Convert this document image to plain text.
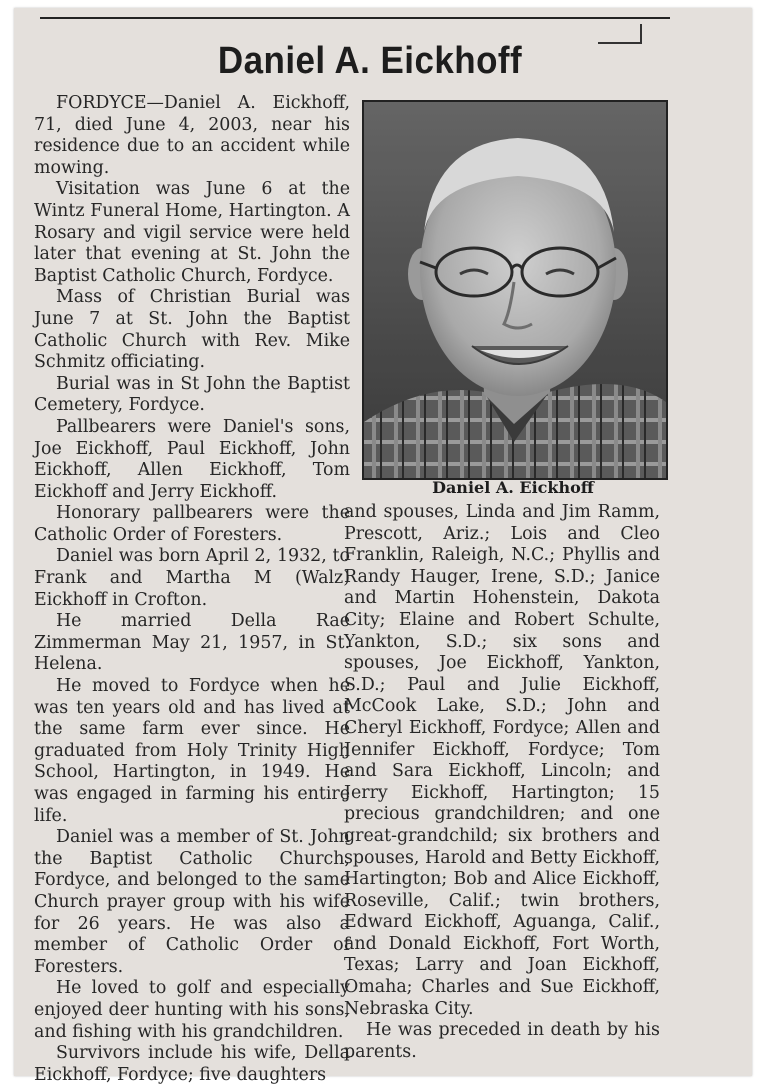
Daniel A. Eickhoff

FORDYCE—Daniel A. Eickhoff, 71, died June 4, 2003, near his residence due to an accident while mowing.

Visitation was June 6 at the Wintz Funeral Home, Hartington. A Rosary and vigil service were held later that evening at St. John the Baptist Catholic Church, Fordyce.

Mass of Christian Burial was June 7 at St. John the Baptist Catholic Church with Rev. Mike Schmitz officiating.

Burial was in St John the Baptist Cemetery, Fordyce.

Pallbearers were Daniel's sons, Joe Eickhoff, Paul Eickhoff, John Eickhoff, Allen Eickhoff, Tom Eickhoff and Jerry Eickhoff.

Honorary pallbearers were the Catholic Order of Foresters.

Daniel was born April 2, 1932, to Frank and Martha M (Walz) Eickhoff in Crofton.

He married Della Rae Zimmerman May 21, 1957, in St. Helena.

He moved to Fordyce when he was ten years old and has lived at the same farm ever since. He graduated from Holy Trinity High School, Hartington, in 1949. He was engaged in farming his entire life.

Daniel was a member of St. John the Baptist Catholic Church, Fordyce, and belonged to the same Church prayer group with his wife for 26 years. He was also a member of Catholic Order of Foresters.

He loved to golf and especially enjoyed deer hunting with his sons, and fishing with his grandchildren.

Survivors include his wife, Della Eickhoff, Fordyce; five daughters

Daniel A. Eickhoff

and spouses, Linda and Jim Ramm, Prescott, Ariz.; Lois and Cleo Franklin, Raleigh, N.C.; Phyllis and Randy Hauger, Irene, S.D.; Janice and Martin Hohenstein, Dakota City; Elaine and Robert Schulte, Yankton, S.D.; six sons and spouses, Joe Eickhoff, Yankton, S.D.; Paul and Julie Eickhoff, McCook Lake, S.D.; John and Cheryl Eickhoff, Fordyce; Allen and Jennifer Eickhoff, Fordyce; Tom and Sara Eickhoff, Lincoln; and Jerry Eickhoff, Hartington; 15 precious grandchildren; and one great-grandchild; six brothers and spouses, Harold and Betty Eickhoff, Hartington; Bob and Alice Eickhoff, Roseville, Calif.; twin brothers, Edward Eickhoff, Aguanga, Calif., and Donald Eickhoff, Fort Worth, Texas; Larry and Joan Eickhoff, Omaha; Charles and Sue Eickhoff, Nebraska City.

He was preceded in death by his parents.
